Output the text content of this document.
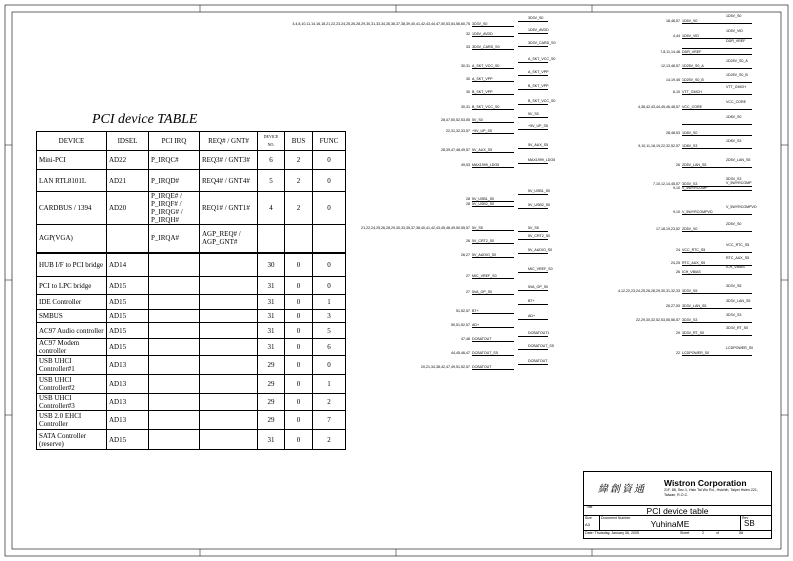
PCI device TABLE
DEVICE	IDSEL	PCI IRQ	REQ# / GNT#	DEVICE NO.	BUS	FUNC
Mini-PCI	AD22	P_IRQC#	REQ3# / GNT3#	6	2	0
LAN RTL8101L	AD21	P_IRQD#	REQ4# / GNT4#	5	2	0
CARDBUS / 1394	AD20	P_IRQE# / P_IRQF# / P_IRQG# / P_IRQH#	REQ1# / GNT1#	4	2	0
AGP(VGA)		P_IRQA#	AGP_REQ# / AGP_GNT#			
HUB I/F to PCI bridge	AD14			30	0	0
PCI to LPC bridge	AD15			31	0	0
IDE Controller	AD15			31	0	1
SMBUS	AD15			31	0	3
AC97 Audio controller	AD15			31	0	5
AC97 Modem controller	AD15			31	0	6
USB UHCI Controller#1	AD13			29	0	0
USB UHCI Controller#2	AD13			29	0	1
USB UHCI Controller#3	AD13			29	0	2
USB 2.0 EHCI Controller	AD13			29	0	7
SATA Controller (reserve)	AD15			31	0	2
3,4,8,10,11,14,16,18,21,22,23,24,25,26,28,29,30,31,33,34,35,36,37,38,39,40,41,42,43,44,47,50,53,54,56,60,75 3D3V_S0
32 1D5V_AVDD
33 3D3V_CARD_S0
30,31 A_SKT_VCC_S0
30 A_SKT_VPP
30 B_SKT_VPP
30,31 B_SKT_VCC_S0
28,47,50,52,53,55 5V_S0
22,31,32,33,57 +5V_UP_S5
28,39,47,48,49,57 5V_AUX_S5
49,53 MAX1999_LDO5
28 5V_USB1_S0
28 5V_USB2_S0
21,22,24,25,26,28,29,30,33,35,37,38,40,41,42,43,45,48,49,50,55,57 5V_S5
26 5V_CRT2_S0
26,27 5V_AUDIO_S0
27 MIC_VREF_S0
27 5VA_OP_S0
51,52,57 BT+
50,51,52,57 AD+
47,48 DCBATOUT
44,45,46,47 DCBATOUT_S5
20,21,34,38,42,47,49,51,52,57 DCBATOUT
3D3V_S0
1D5V_AVDD
3D3V_CARD_S0
A_SKT_VCC_S0
A_SKT_VPP
B_SKT_VPP
B_SKT_VCC_S0
5V_S0
+5V_UP_S5
5V_AUX_S5
MAX1999_LDO5
5V_USB1_S0
5V_USB2_S0
5V_S5
5V_CRT2_S0
5V_AUDIO_S0
MIC_VREF_S0
5VA_OP_S0
BT+
AD+
DCBATOUT1
DCBATOUT_S5
DCBATOUT
18,48,57 1D5V_S0
1D5V_S0
4,44 1D5V_VID
1D5V_VID
DDR_VREF
7,8,11,14,48 DDR_VREF
12,13,48,57 1D25V_S0_A
1D25V_S0_A
14,19,45 1D25V_S0_B
1D25V_S0_B
6,10 VTT_GMCH
VTT_GMCH
4,38,42,43,44,45,46,48,57 VCC_CORE
VCC_CORE
1D8V_S0
28,48,53 1D8V_S0
9,10,11,18,19,22,32,52,57 1D8V_S3
1D8V_S3
26 2D5V_LAN_S5
2D5V_LAN_S5
7,10,12,14,45,57 3D3V_S3
3D3V_S3
9,10 V_5WYRCOMP
V_5WYRCOMP
9,10 V_5WYRCOMPVD
V_5WYRCOMPVD
17,18,19,23,52 2D5V_S0
2D5V_S0
24 VCC_RTC_S5
VCC_RTC_S5
24,25 RTC_AUX_S5
RTC_AUX_S5
26 ICH_VBIAS
ICH_VBIAS
4,12,22,23,24,25,26,28,29,30,31,32,33 3D3V_S5
3D3V_S5
26,27,53 3D3V_LAN_S5
3D3V_LAN_S5
22,29,30,32,52,53,55,56,57 3D3V_S3
3D3V_S3
29 3D3V_RT_S0
3D3V_RT_S0
22 LCDPOWER_S0
LCDPOWER_S0
緯創資通
Wistron Corporation
21F, 88, Sec.1, Hsin Tai Wu Rd., Hsichih, Taipei Hsien 221, Taiwan, R.O.C.
Title	PCI device table
Size
A3
Document Number
YuhinaME
Rev
SB
Date: Thursday, January 06, 2005	Sheet	2	of	58
